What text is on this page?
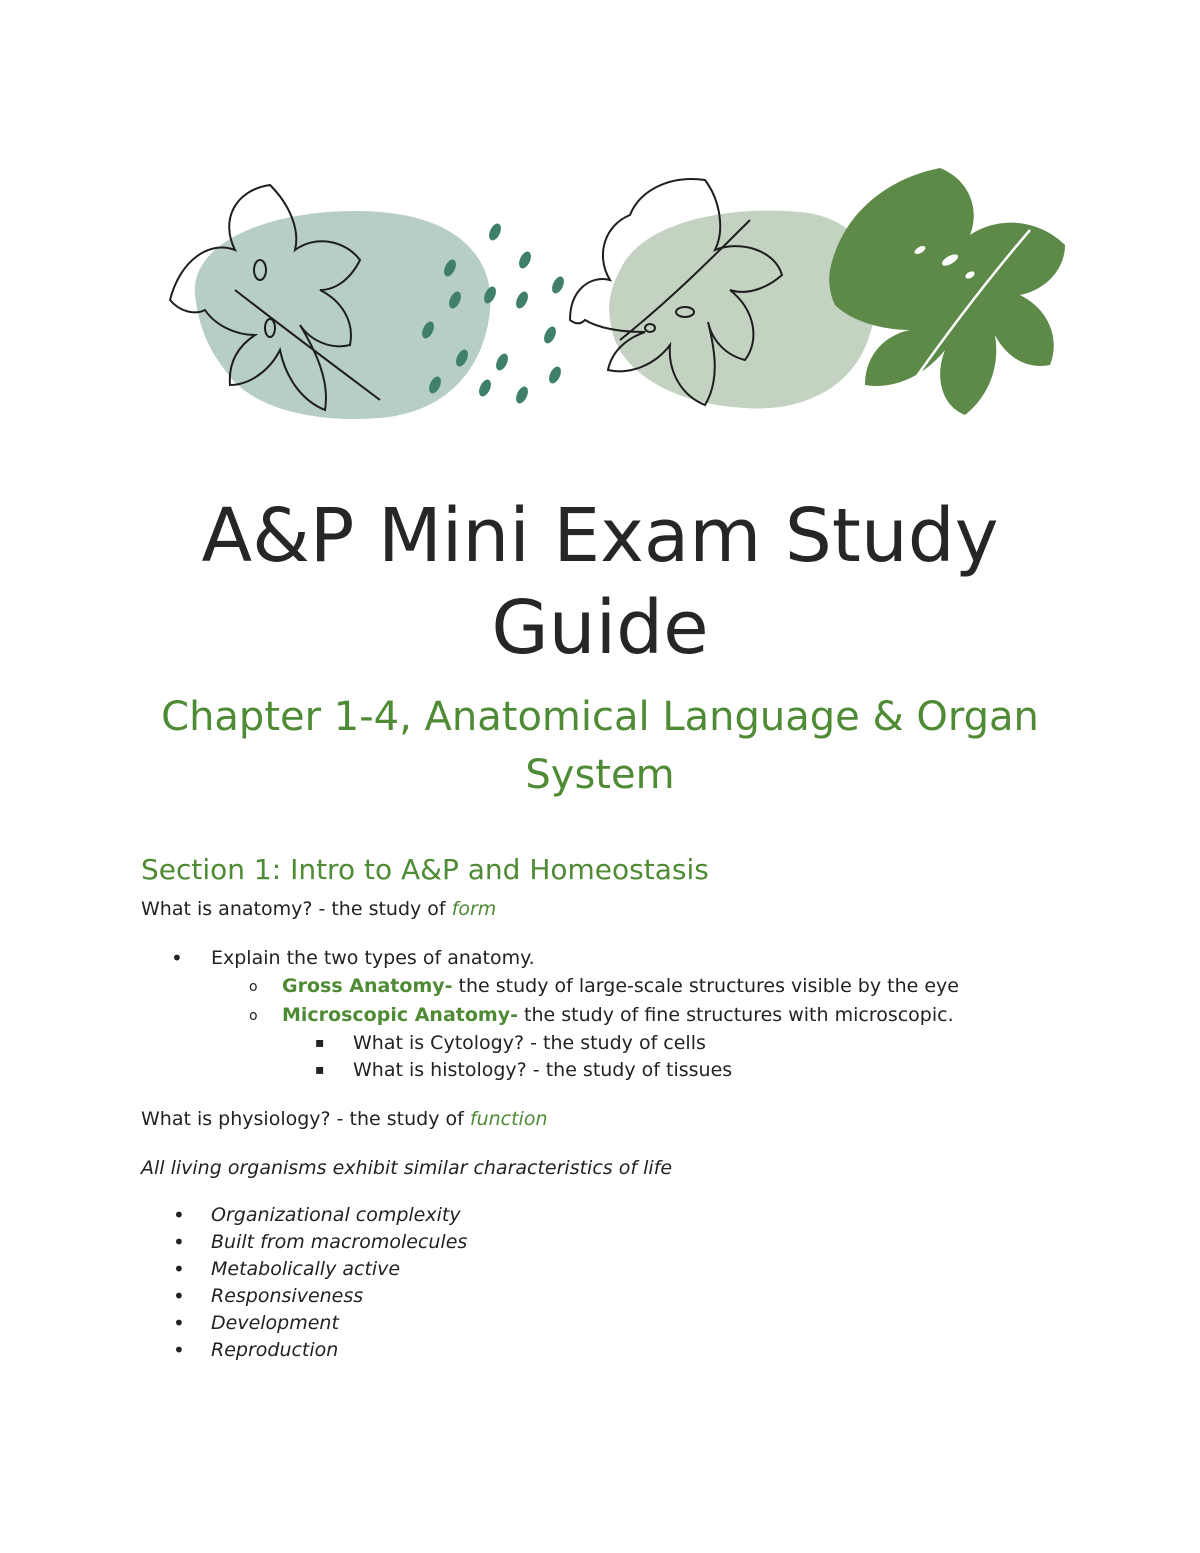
A&P Mini Exam Study Guide
Chapter 1-4, Anatomical Language & Organ System
Section 1: Intro to A&P and Homeostasis

What is anatomy? - the study of form

• Explain the two types of anatomy.
o Gross Anatomy- the study of large-scale structures visible by the eye
o Microscopic Anatomy- the study of fine structures with microscopic.
▪ What is Cytology? - the study of cells
▪ What is histology? - the study of tissues

What is physiology? - the study of function

All living organisms exhibit similar characteristics of life

• Organizational complexity
• Built from macromolecules
• Metabolically active
• Responsiveness
• Development
• Reproduction
